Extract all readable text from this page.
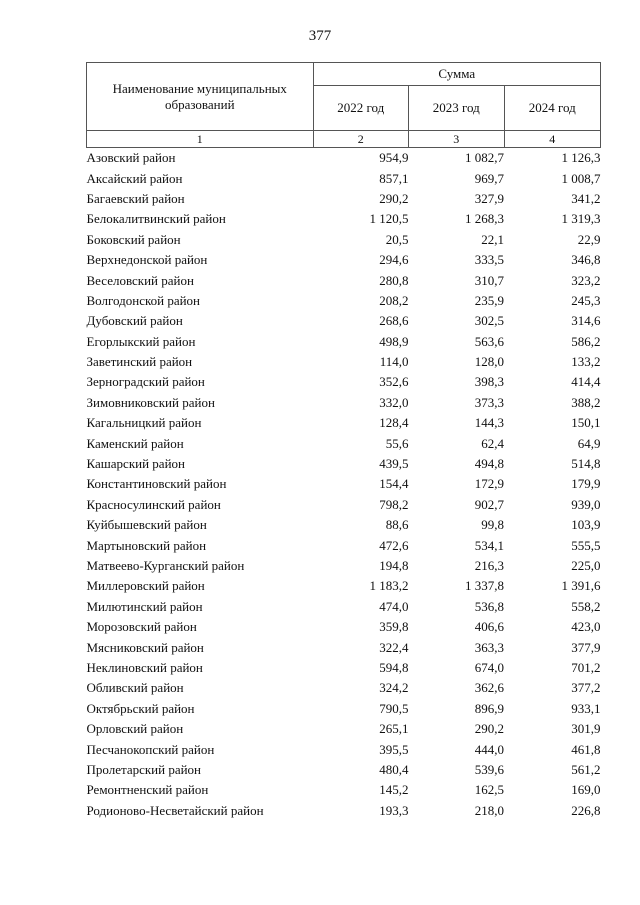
377
Наименование муниципальных образований	Сумма		
	2022 год	2023 год	2024 год
1	2	3	4
Азовский район	954,9	1 082,7	1 126,3
Аксайский район	857,1	969,7	1 008,7
Багаевский район	290,2	327,9	341,2
Белокалитвинский район	1 120,5	1 268,3	1 319,3
Боковский район	20,5	22,1	22,9
Верхнедонской район	294,6	333,5	346,8
Веселовский район	280,8	310,7	323,2
Волгодонской район	208,2	235,9	245,3
Дубовский район	268,6	302,5	314,6
Егорлыкский район	498,9	563,6	586,2
Заветинский район	114,0	128,0	133,2
Зерноградский район	352,6	398,3	414,4
Зимовниковский район	332,0	373,3	388,2
Кагальницкий район	128,4	144,3	150,1
Каменский район	55,6	62,4	64,9
Кашарский район	439,5	494,8	514,8
Константиновский район	154,4	172,9	179,9
Красносулинский район	798,2	902,7	939,0
Куйбышевский район	88,6	99,8	103,9
Мартыновский район	472,6	534,1	555,5
Матвеево-Курганский район	194,8	216,3	225,0
Миллеровский район	1 183,2	1 337,8	1 391,6
Милютинский район	474,0	536,8	558,2
Морозовский район	359,8	406,6	423,0
Мясниковский район	322,4	363,3	377,9
Неклиновский район	594,8	674,0	701,2
Обливский район	324,2	362,6	377,2
Октябрьский район	790,5	896,9	933,1
Орловский район	265,1	290,2	301,9
Песчанокопский район	395,5	444,0	461,8
Пролетарский район	480,4	539,6	561,2
Ремонтненский район	145,2	162,5	169,0
Родионово-Несветайский район	193,3	218,0	226,8
